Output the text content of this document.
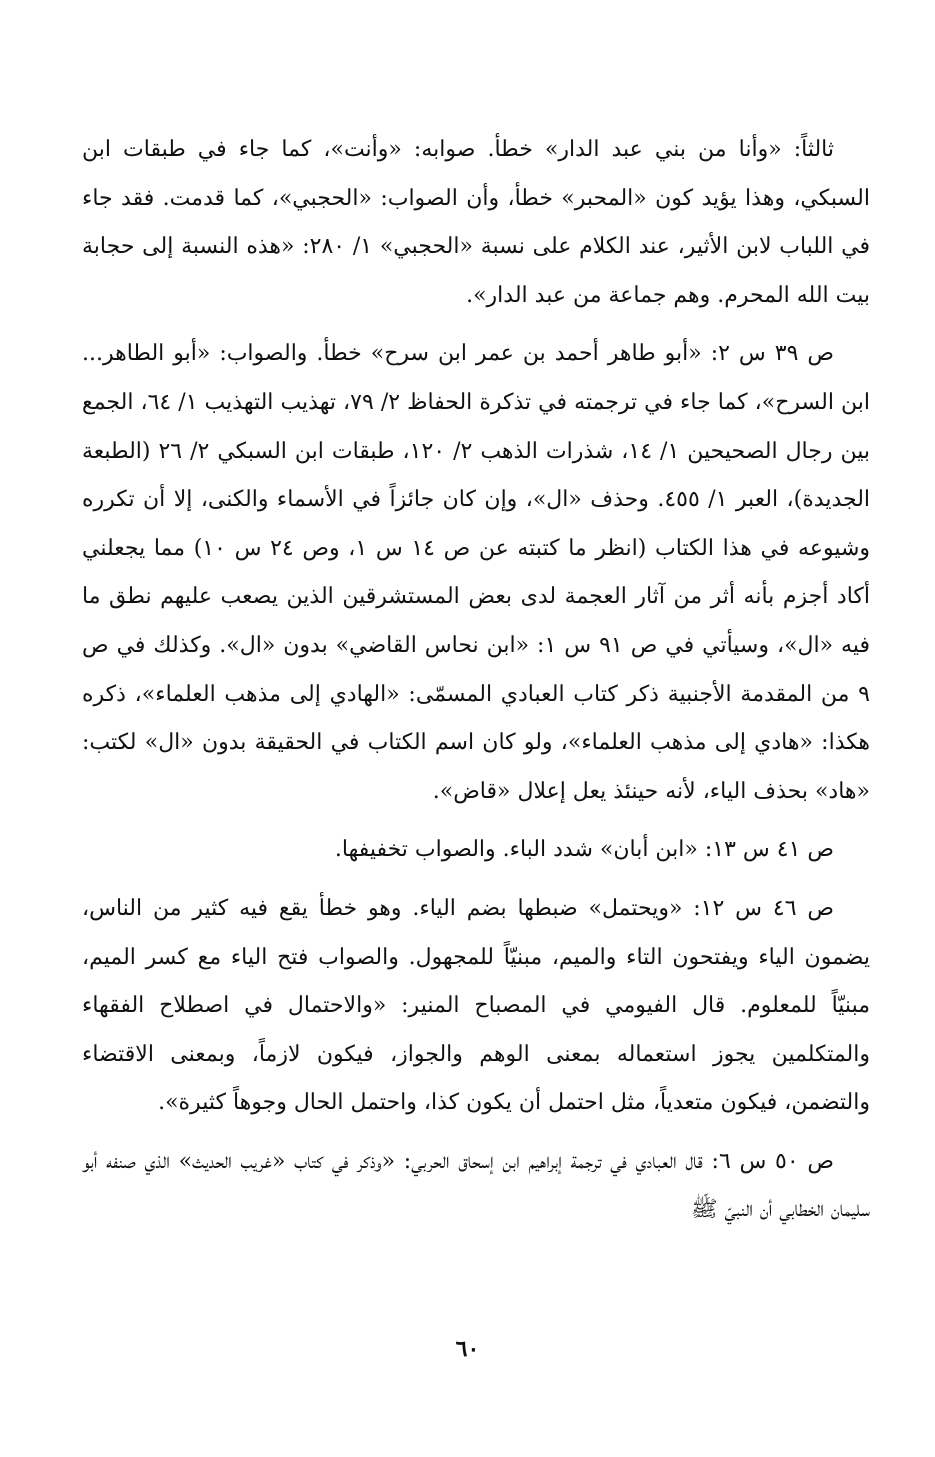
ثالثاً: «وأنا من بني عبد الدار» خطأ. صوابه: «وأنت»، كما جاء في طبقات ابن السبكي، وهذا يؤيد كون «المحبر» خطأ، وأن الصواب: «الحجبي»، كما قدمت. فقد جاء في اللباب لابن الأثير، عند الكلام على نسبة «الحجبي» ١/ ٢٨٠: «هذه النسبة إلى حجابة بيت الله المحرم. وهم جماعة من عبد الدار».

ص ٣٩ س ٢: «أبو طاهر أحمد بن عمر ابن سرح» خطأ. والصواب: «أبو الطاهر... ابن السرح»، كما جاء في ترجمته في تذكرة الحفاظ ٢/ ٧٩، تهذيب التهذيب ١/ ٦٤، الجمع بين رجال الصحيحين ١/ ١٤، شذرات الذهب ٢/ ١٢٠، طبقات ابن السبكي ٢/ ٢٦ (الطبعة الجديدة)، العبر ١/ ٤٥٥. وحذف «ال»، وإن كان جائزاً في الأسماء والكنى، إلا أن تكرره وشيوعه في هذا الكتاب (انظر ما كتبته عن ص ١٤ س ١، وص ٢٤ س ١٠) مما يجعلني أكاد أجزم بأنه أثر من آثار العجمة لدى بعض المستشرقين الذين يصعب عليهم نطق ما فيه «ال»، وسيأتي في ص ٩١ س ١: «ابن نحاس القاضي» بدون «ال». وكذلك في ص ٩ من المقدمة الأجنبية ذكر كتاب العبادي المسمّى: «الهادي إلى مذهب العلماء»، ذكره هكذا: «هادي إلى مذهب العلماء»، ولو كان اسم الكتاب في الحقيقة بدون «ال» لكتب: «هاد» بحذف الياء، لأنه حينئذ يعل إعلال «قاض».

ص ٤١ س ١٣: «ابن أبان» شدد الباء. والصواب تخفيفها.

ص ٤٦ س ١٢: «ويحتمل» ضبطها بضم الياء. وهو خطأ يقع فيه كثير من الناس، يضمون الياء ويفتحون التاء والميم، مبنيّاً للمجهول. والصواب فتح الياء مع كسر الميم، مبنيّاً للمعلوم. قال الفيومي في المصباح المنير: «والاحتمال في اصطلاح الفقهاء والمتكلمين يجوز استعماله بمعنى الوهم والجواز، فيكون لازماً، وبمعنى الاقتضاء والتضمن، فيكون متعدياً، مثل احتمل أن يكون كذا، واحتمل الحال وجوهاً كثيرة».

ص ٥٠ س ٦: قال العبادي في ترجمة إبراهيم ابن إسحاق الحربي: «وذكر في كتاب «غريب الحديث» الذي صنفه أبو سليمان الخطابي أن النبيّ ﷺ

٦٠
